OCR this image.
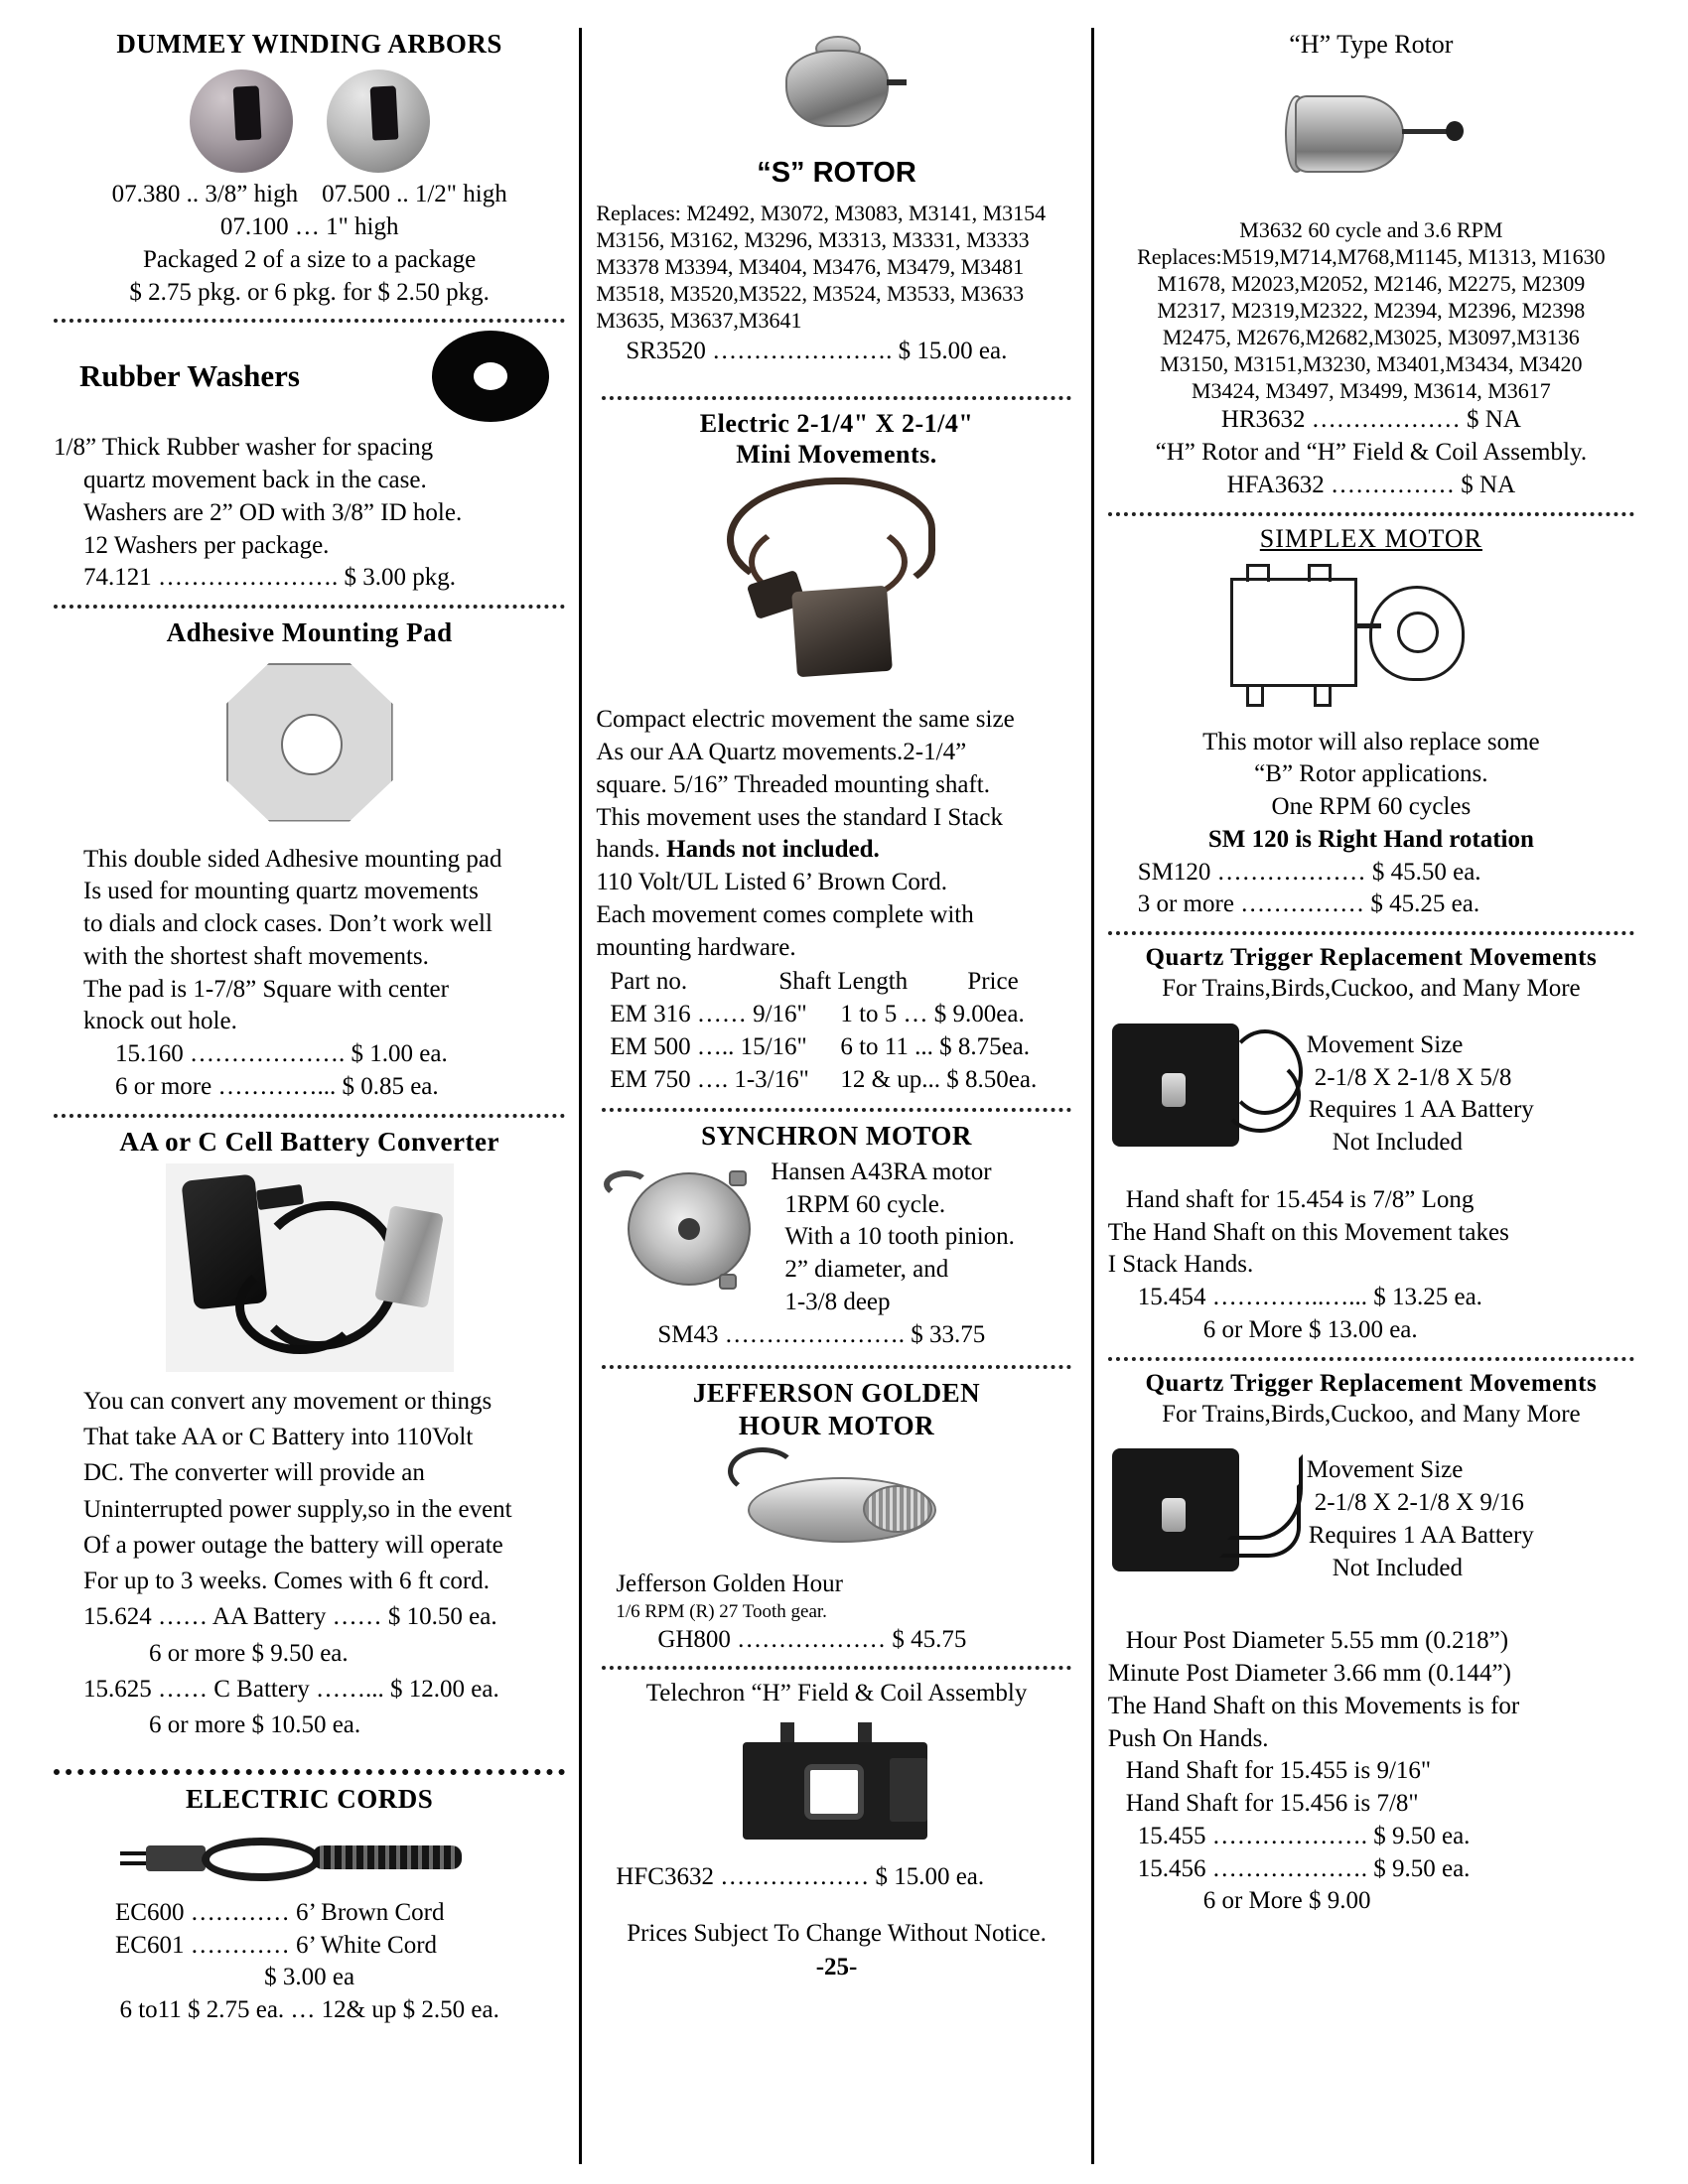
DUMMEY WINDING ARBORS
07.380 .. 3/8” high 07.500 .. 1/2" high
07.100 … 1" high
Packaged 2 of a size to a package
$ 2.75 pkg. or 6 pkg. for $ 2.50 pkg.
Rubber Washers
1/8” Thick Rubber washer for spacing
quartz movement back in the case.
Washers are 2” OD with 3/8” ID hole.
12 Washers per package.
74.121 …………………. $ 3.00 pkg.
Adhesive Mounting Pad
This double sided Adhesive mounting pad
Is used for mounting quartz movements
to dials and clock cases. Don’t work well
with the shortest shaft movements.
The pad is 1-7/8” Square with center
knock out hole.
15.160 ………………. $ 1.00 ea.
6 or more …………... $ 0.85 ea.
AA or C Cell Battery Converter
You can convert any movement or things
That take AA or C Battery into 110Volt
DC. The converter will provide an
Uninterrupted power supply,so in the event
Of a power outage the battery will operate
For up to 3 weeks. Comes with 6 ft cord.
15.624 …… AA Battery …… $ 10.50 ea.
6 or more $ 9.50 ea.
15.625 …… C Battery ……... $ 12.00 ea.
6 or more $ 10.50 ea.
ELECTRIC CORDS
EC600 ………… 6’ Brown Cord
EC601 ………… 6’ White Cord
$ 3.00 ea
6 to11 $ 2.75 ea. … 12& up $ 2.50 ea.
“S” ROTOR
Replaces: M2492, M3072, M3083, M3141, M3154
M3156, M3162, M3296, M3313, M3331, M3333
M3378 M3394, M3404, M3476, M3479, M3481
M3518, M3520,M3522, M3524, M3533, M3633
M3635, M3637,M3641
SR3520 …………………. $ 15.00 ea.
Electric 2-1/4" X 2-1/4"
Mini Movements.
Compact electric movement the same size
As our AA Quartz movements.2-1/4”
square. 5/16” Threaded mounting shaft.
This movement uses the standard I Stack
hands. Hands not included.
110 Volt/UL Listed 6’ Brown Cord.
Each movement comes complete with
mounting hardware.
Part no.	Shaft Length	Price
EM 316 …… 9/16"	1 to 5 … $ 9.00ea.
EM 500 ….. 15/16"	6 to 11 ... $ 8.75ea.
EM 750 …. 1-3/16"	12 & up... $ 8.50ea.
SYNCHRON MOTOR
Hansen A43RA motor
1RPM 60 cycle.
With a 10 tooth pinion.
2” diameter, and
1-3/8 deep
SM43 …………………. $ 33.75
JEFFERSON GOLDEN
HOUR MOTOR
Jefferson Golden Hour
1/6 RPM (R) 27 Tooth gear.
GH800 ……………… $ 45.75
Telechron “H” Field & Coil Assembly
HFC3632 ……………… $ 15.00 ea.
Prices Subject To Change Without Notice.
-25-
“H” Type Rotor
M3632 60 cycle and 3.6 RPM
Replaces:M519,M714,M768,M1145, M1313, M1630
M1678, M2023,M2052, M2146, M2275, M2309
M2317, M2319,M2322, M2394, M2396, M2398
M2475, M2676,M2682,M3025, M3097,M3136
M3150, M3151,M3230, M3401,M3434, M3420
M3424, M3497, M3499, M3614, M3617
HR3632 ……………… $ NA
“H” Rotor and “H” Field & Coil Assembly.
HFA3632 …………… $ NA
SIMPLEX MOTOR
This motor will also replace some
“B” Rotor applications.
One RPM 60 cycles
SM 120 is Right Hand rotation
SM120 ……………… $ 45.50 ea.
3 or more …………… $ 45.25 ea.
Quartz Trigger Replacement Movements
For Trains,Birds,Cuckoo, and Many More
Movement Size
2-1/8 X 2-1/8 X 5/8
Requires 1 AA Battery
Not Included
Hand shaft for 15.454 is 7/8” Long
The Hand Shaft on this Movement takes
I Stack Hands.
15.454 …………..…... $ 13.25 ea.
6 or More $ 13.00 ea.
Quartz Trigger Replacement Movements
For Trains,Birds,Cuckoo, and Many More
Movement Size
2-1/8 X 2-1/8 X 9/16
Requires 1 AA Battery
Not Included
Hour Post Diameter 5.55 mm (0.218”)
Minute Post Diameter 3.66 mm (0.144”)
The Hand Shaft on this Movements is for
Push On Hands.
Hand Shaft for 15.455 is 9/16"
Hand Shaft for 15.456 is 7/8"
15.455 ………………. $ 9.50 ea.
15.456 ………………. $ 9.50 ea.
6 or More $ 9.00
